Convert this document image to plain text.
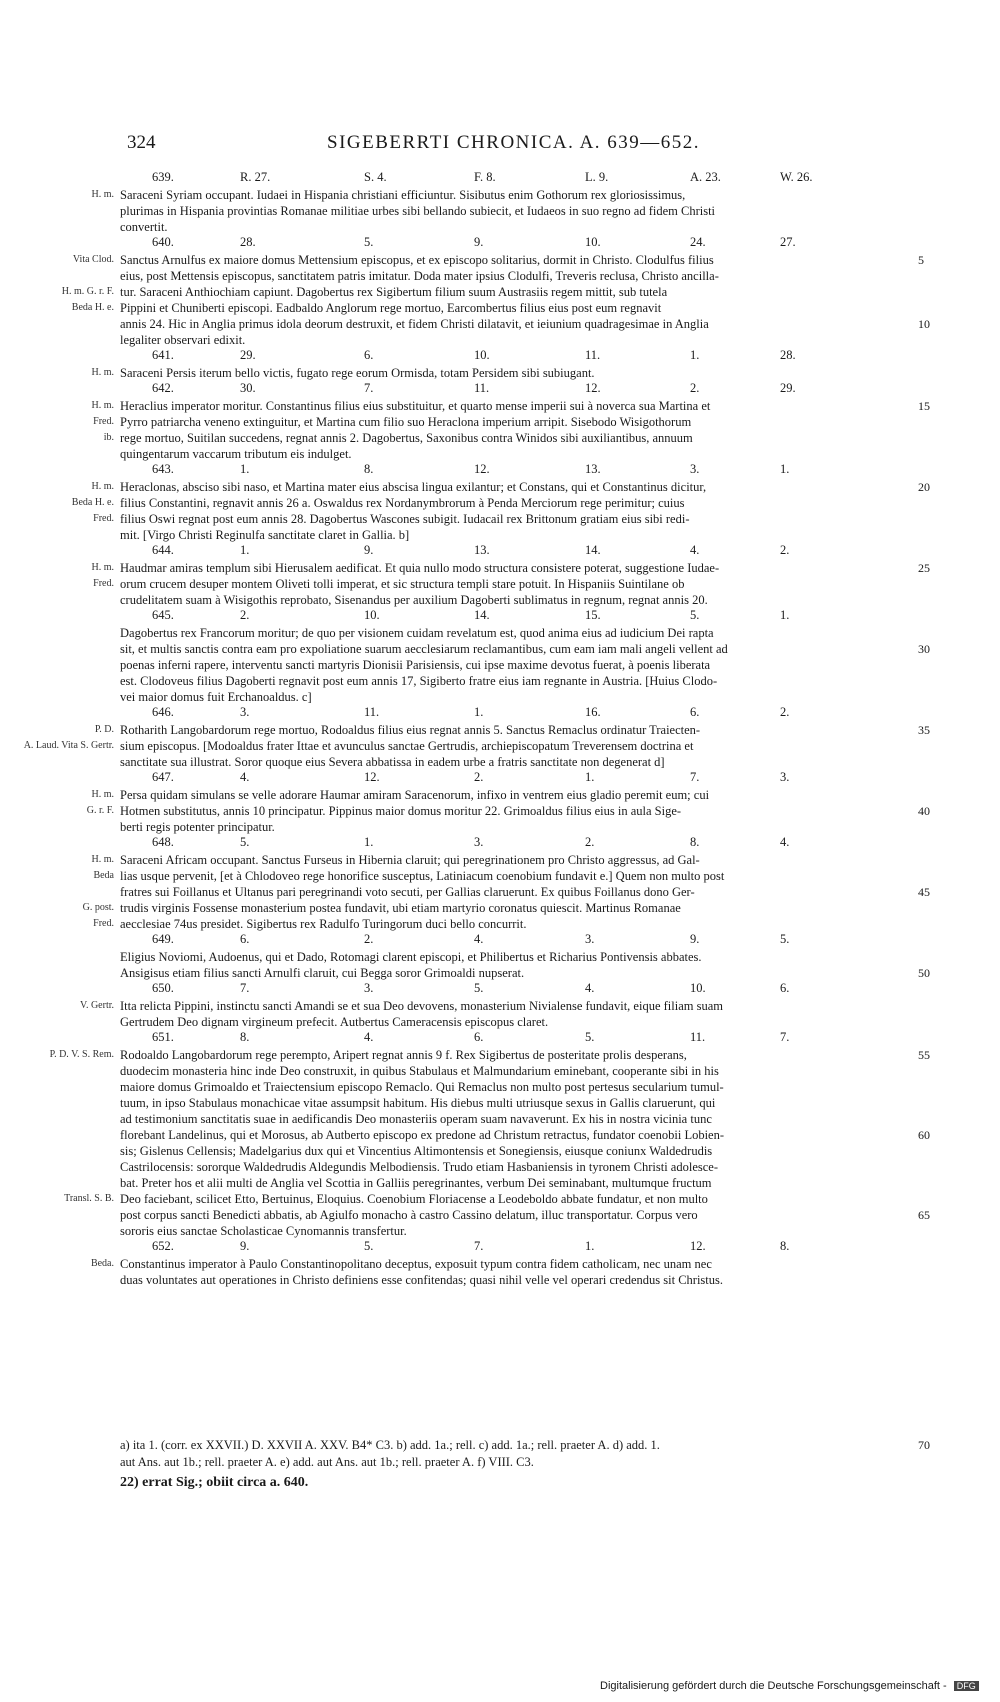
324	SIGEBERRTI CHRONICA. A. 639—652.
639.	R. 27.	S. 4.	F. 8.	L. 9.	A. 23.	W. 26.
H. m. Saraceni Syriam occupant. Iudaei in Hispania christiani efficiuntur. Sisibutus enim Gothorum rex gloriosissimus,
plurimas in Hispania provintias Romanae militiae urbes sibi bellando subiecit, et Iudaeos in suo regno ad fidem Christi
convertit.
640.	28.	5.	9.	10.	24.	27.
Vita Clod. Sanctus Arnulfus ex maiore domus Mettensium episcopus, et ex episcopo solitarius, dormit in Christo. Clodulfus filius	5
eius, post Mettensis episcopus, sanctitatem patris imitatur. Doda mater ipsius Clodulfi, Treveris reclusa, Christo ancilla-
H. m. G. r. F. tur. Saraceni Anthiochiam capiunt. Dagobertus rex Sigibertum filium suum Austrasiis regem mittit, sub tutela
Beda H. e. Pippini et Chuniberti episcopi. Eadbaldo Anglorum rege mortuo, Earcombertus filius eius post eum regnavit
annis 24. Hic in Anglia primus idola deorum destruxit, et fidem Christi dilatavit, et ieiunium quadragesimae in Anglia	10
legaliter observari edixit.
641.	29.	6.	10.	11.	1.	28.
H. m. Saraceni Persis iterum bello victis, fugato rege eorum Ormisda, totam Persidem sibi subiugant.
642.	30.	7.	11.	12.	2.	29.
H. m. Heraclius imperator moritur. Constantinus filius eius substituitur, et quarto mense imperii sui à noverca sua Martina et	15
Fred. Pyrro patriarcha veneno extinguitur, et Martina cum filio suo Heraclona imperium arripit. Sisebodo Wisigothorum
ib. rege mortuo, Suitilan succedens, regnat annis 2. Dagobertus, Saxonibus contra Winidos sibi auxiliantibus, annuum
quingentarum vaccarum tributum eis indulget.
643.	1.	8.	12.	13.	3.	1.
H. m. Heraclonas, absciso sibi naso, et Martina mater eius abscisa lingua exilantur; et Constans, qui et Constantinus dicitur,	20
Beda H. e. filius Constantini, regnavit annis 26 a. Oswaldus rex Nordanymbrorum à Penda Merciorum rege perimitur; cuius
Fred. filius Oswi regnat post eum annis 28. Dagobertus Wascones subigit. Iudacail rex Brittonum gratiam eius sibi redi-
mit. [Virgo Christi Reginulfa sanctitate claret in Gallia. b]
644.	1.	9.	13.	14.	4.	2.
H. m. Haudmar amiras templum sibi Hierusalem aedificat. Et quia nullo modo structura consistere poterat, suggestione Iudae-	25
Fred. orum crucem desuper montem Oliveti tolli imperat, et sic structura templi stare potuit. In Hispaniis Suintilane ob
crudelitatem suam à Wisigothis reprobato, Sisenandus per auxilium Dagoberti sublimatus in regnum, regnat annis 20.
645.	2.	10.	14.	15.	5.	1.
Dagobertus rex Francorum moritur; de quo per visionem cuidam revelatum est, quod anima eius ad iudicium Dei rapta
sit, et multis sanctis contra eam pro expoliatione suarum aecclesiarum reclamantibus, cum eam iam mali angeli vellent ad	30
poenas inferni rapere, interventu sancti martyris Dionisii Parisiensis, cui ipse maxime devotus fuerat, à poenis liberata
est. Clodoveus filius Dagoberti regnavit post eum annis 17, Sigiberto fratre eius iam regnante in Austria. [Huius Clodo-
vei maior domus fuit Erchanoaldus. c]
646.	3.	11.	1.	16.	6.	2.
P. D. Rotharith Langobardorum rege mortuo, Rodoaldus filius eius regnat annis 5. Sanctus Remaclus ordinatur Traiecten-	35
A. Laud. Vita S. Gertr. sium episcopus. [Modoaldus frater Ittae et avunculus sanctae Gertrudis, archiepiscopatum Treverensem doctrina et
sanctitate sua illustrat. Soror quoque eius Severa abbatissa in eadem urbe a fratris sanctitate non degenerat d]
647.	4.	12.	2.	1.	7.	3.
H. m. Persa quidam simulans se velle adorare Haumar amiram Saracenorum, infixo in ventrem eius gladio peremit eum; cui
G. r. F. Hotmen substitutus, annis 10 principatur. Pippinus maior domus moritur 22. Grimoaldus filius eius in aula Sige-	40
berti regis potenter principatur.
648.	5.	1.	3.	2.	8.	4.
H. m. Saraceni Africam occupant. Sanctus Furseus in Hibernia claruit; qui peregrinationem pro Christo aggressus, ad Gal-
Beda lias usque pervenit, [et à Chlodoveo rege honorifice susceptus, Latiniacum coenobium fundavit e.] Quem non multo post
fratres sui Foillanus et Ultanus pari peregrinandi voto secuti, per Gallias claruerunt. Ex quibus Foillanus dono Ger-	45
G. post. trudis virginis Fossense monasterium postea fundavit, ubi etiam martyrio coronatus quiescit. Martinus Romanae
Fred. aecclesiae 74us presidet. Sigibertus rex Radulfo Turingorum duci bello concurrit.
649.	6.	2.	4.	3.	9.	5.
Eligius Noviomi, Audoenus, qui et Dado, Rotomagi clarent episcopi, et Philibertus et Richarius Pontivensis abbates.
Ansigisus etiam filius sancti Arnulfi claruit, cui Begga soror Grimoaldi nupserat.	50
650.	7.	3.	5.	4.	10.	6.
V. Gertr. Itta relicta Pippini, instinctu sancti Amandi se et sua Deo devovens, monasterium Nivialense fundavit, eique filiam suam
Gertrudem Deo dignam virgineum prefecit. Autbertus Cameracensis episcopus claret.
651.	8.	4.	6.	5.	11.	7.
P. D. V. S. Rem. Rodoaldo Langobardorum rege perempto, Aripert regnat annis 9 f. Rex Sigibertus de posteritate prolis desperans,	55
duodecim monasteria hinc inde Deo construxit, in quibus Stabulaus et Malmundarium eminebant, cooperante sibi in his
maiore domus Grimoaldo et Traiectensium episcopo Remaclo. Qui Remaclus non multo post pertesus secularium tumul-
tuum, in ipso Stabulaus monachicae vitae assumpsit habitum. His diebus multi utriusque sexus in Gallis claruerunt, qui
ad testimonium sanctitatis suae in aedificandis Deo monasteriis operam suam navaverunt. Ex his in nostra vicinia tunc
florebant Landelinus, qui et Morosus, ab Autberto episcopo ex predone ad Christum retractus, fundator coenobii Lobien-	60
sis; Gislenus Cellensis; Madelgarius dux qui et Vincentius Altimontensis et Sonegiensis, eiusque coniunx Waldedrudis
Castrilocensis: sororque Waldedrudis Aldegundis Melbodiensis. Trudo etiam Hasbaniensis in tyronem Christi adolesce-
bat. Preter hos et alii multi de Anglia vel Scottia in Galliis peregrinantes, verbum Dei seminabant, multumque fructum
Transl. S. B. Deo faciebant, scilicet Etto, Bertuinus, Eloquius. Coenobium Floriacense a Leodeboldo abbate fundatur, et non multo
post corpus sancti Benedicti abbatis, ab Agiulfo monacho à castro Cassino delatum, illuc transportatur. Corpus vero	65
sororis eius sanctae Scholasticae Cynomannis transfertur.
652.	9.	5.	7.	1.	12.	8.
Beda. Constantinus imperator à Paulo Constantinopolitano deceptus, exposuit typum contra fidem catholicam, nec unam nec
duas voluntates aut operationes in Christo definiens esse confitendas; quasi nihil velle vel operari credendus sit Christus.
a) ita 1. (corr. ex XXVII.) D. XXVII A. XXV. B4* C3. b) add. 1a.; rell. c) add. 1a.; rell. praeter A. d) add. 1.	70
aut Ans. aut 1b.; rell. praeter A. e) add. aut Ans. aut 1b.; rell. praeter A. f) VIII. C3.
22) errat Sig.; obiit circa a. 640.
Digitalisierung gefördert durch die Deutsche Forschungsgemeinschaft - DFG
